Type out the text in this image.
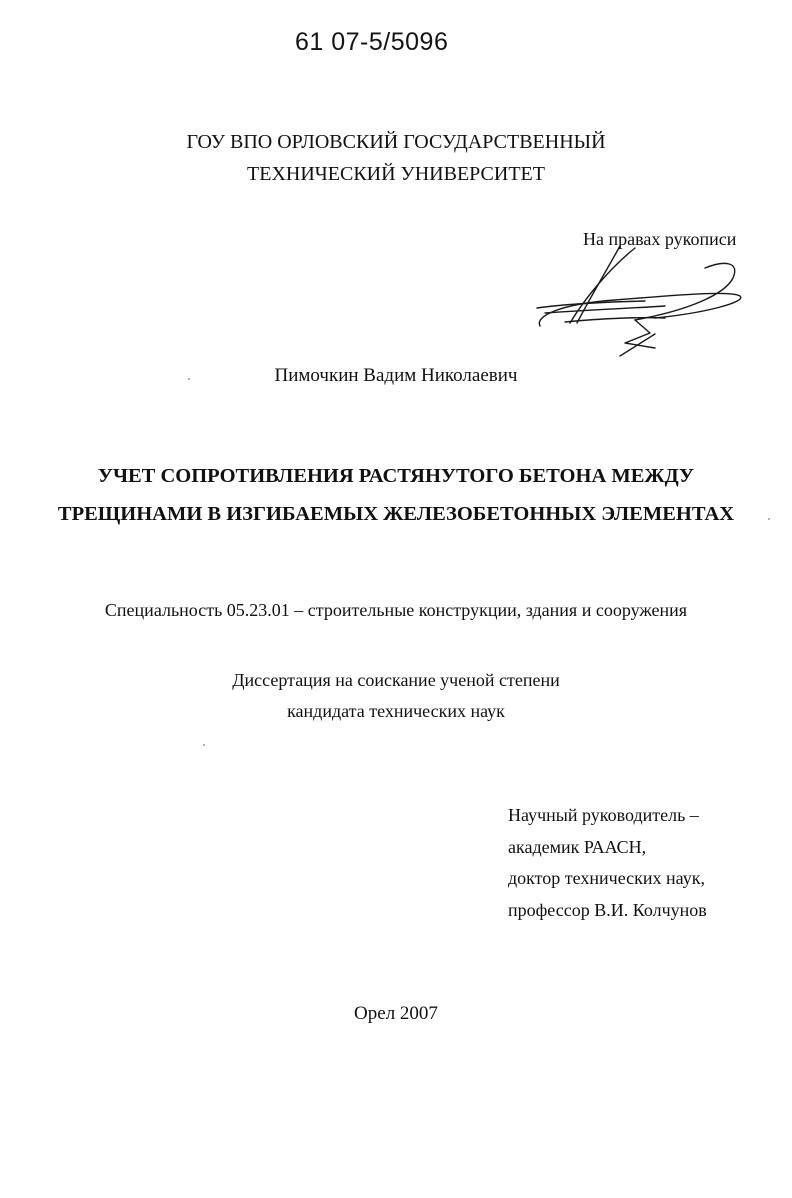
61 07-5/5096
ГОУ ВПО ОРЛОВСКИЙ ГОСУДАРСТВЕННЫЙ
ТЕХНИЧЕСКИЙ УНИВЕРСИТЕТ
На правах рукописи
Пимочкин Вадим Николаевич
УЧЕТ СОПРОТИВЛЕНИЯ РАСТЯНУТОГО БЕТОНА МЕЖДУ
ТРЕЩИНАМИ В ИЗГИБАЕМЫХ ЖЕЛЕЗОБЕТОННЫХ ЭЛЕМЕНТАХ
Специальность 05.23.01 – строительные конструкции, здания и сооружения
Диссертация на соискание ученой степени
кандидата технических наук
Научный руководитель –
академик РААСН,
доктор технических наук,
профессор В.И. Колчунов
Орел 2007
